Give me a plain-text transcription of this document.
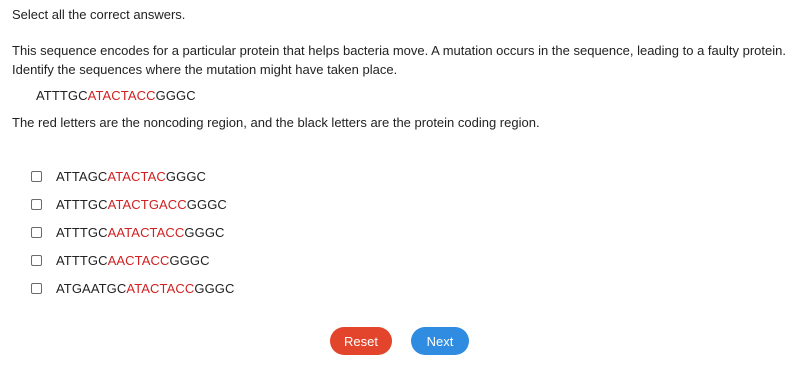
Select all the correct answers.
This sequence encodes for a particular protein that helps bacteria move. A mutation occurs in the sequence, leading to a faulty protein. Identify the sequences where the mutation might have taken place.
ATTTGCATACTACCGGGC
The red letters are the noncoding region, and the black letters are the protein coding region.
ATTAGCATACTACGGGC
ATTTGCATACTGACCGGGC
ATTTGCAATACTACCGGGC
ATTTGCAACTACCGGGC
ATGAATGCATACTACCGGGC
Reset	Next
